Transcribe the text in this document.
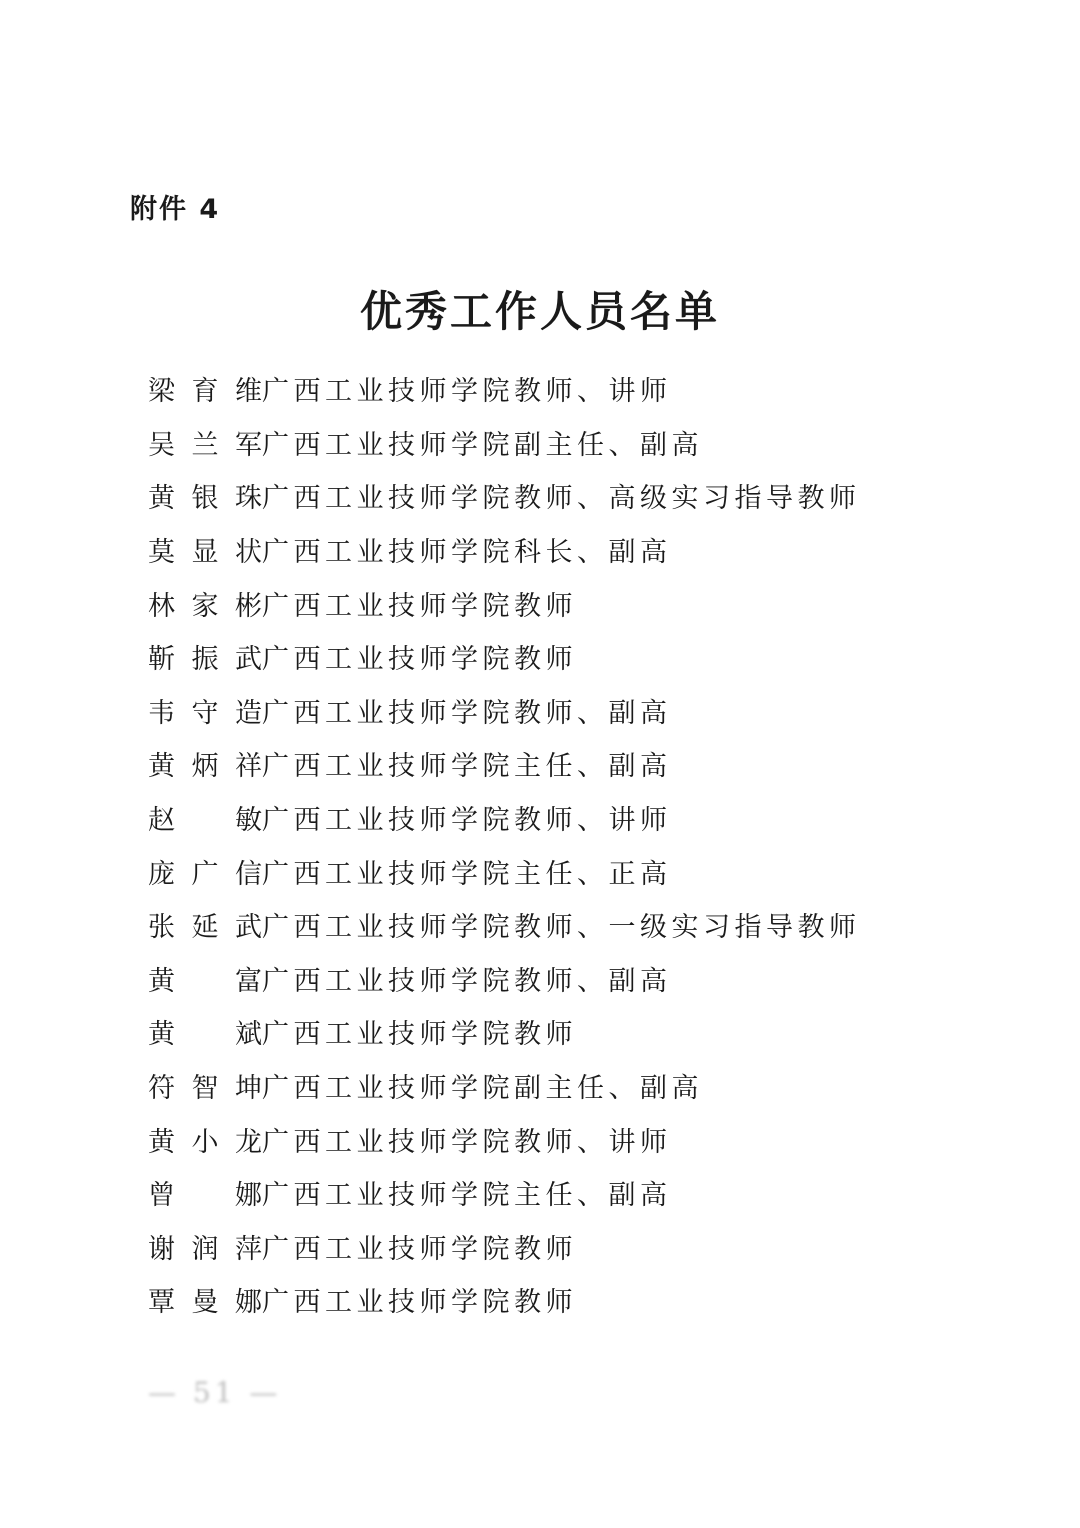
附件 4
优秀工作人员名单
梁 育 维 广西工业技师学院教师、讲师
吴 兰 军 广西工业技师学院副主任、副高
黄 银 珠 广西工业技师学院教师、高级实习指导教师
莫 显 状 广西工业技师学院科长、副高
林 家 彬 广西工业技师学院教师
靳 振 武 广西工业技师学院教师
韦 守 造 广西工业技师学院教师、副高
黄 炳 祥 广西工业技师学院主任、副高
赵 敏 广西工业技师学院教师、讲师
庞 广 信 广西工业技师学院主任、正高
张 延 武 广西工业技师学院教师、一级实习指导教师
黄 富 广西工业技师学院教师、副高
黄 斌 广西工业技师学院教师
符 智 坤 广西工业技师学院副主任、副高
黄 小 龙 广西工业技师学院教师、讲师
曾 娜 广西工业技师学院主任、副高
谢 润 萍 广西工业技师学院教师
覃 曼 娜 广西工业技师学院教师
— 51 —
